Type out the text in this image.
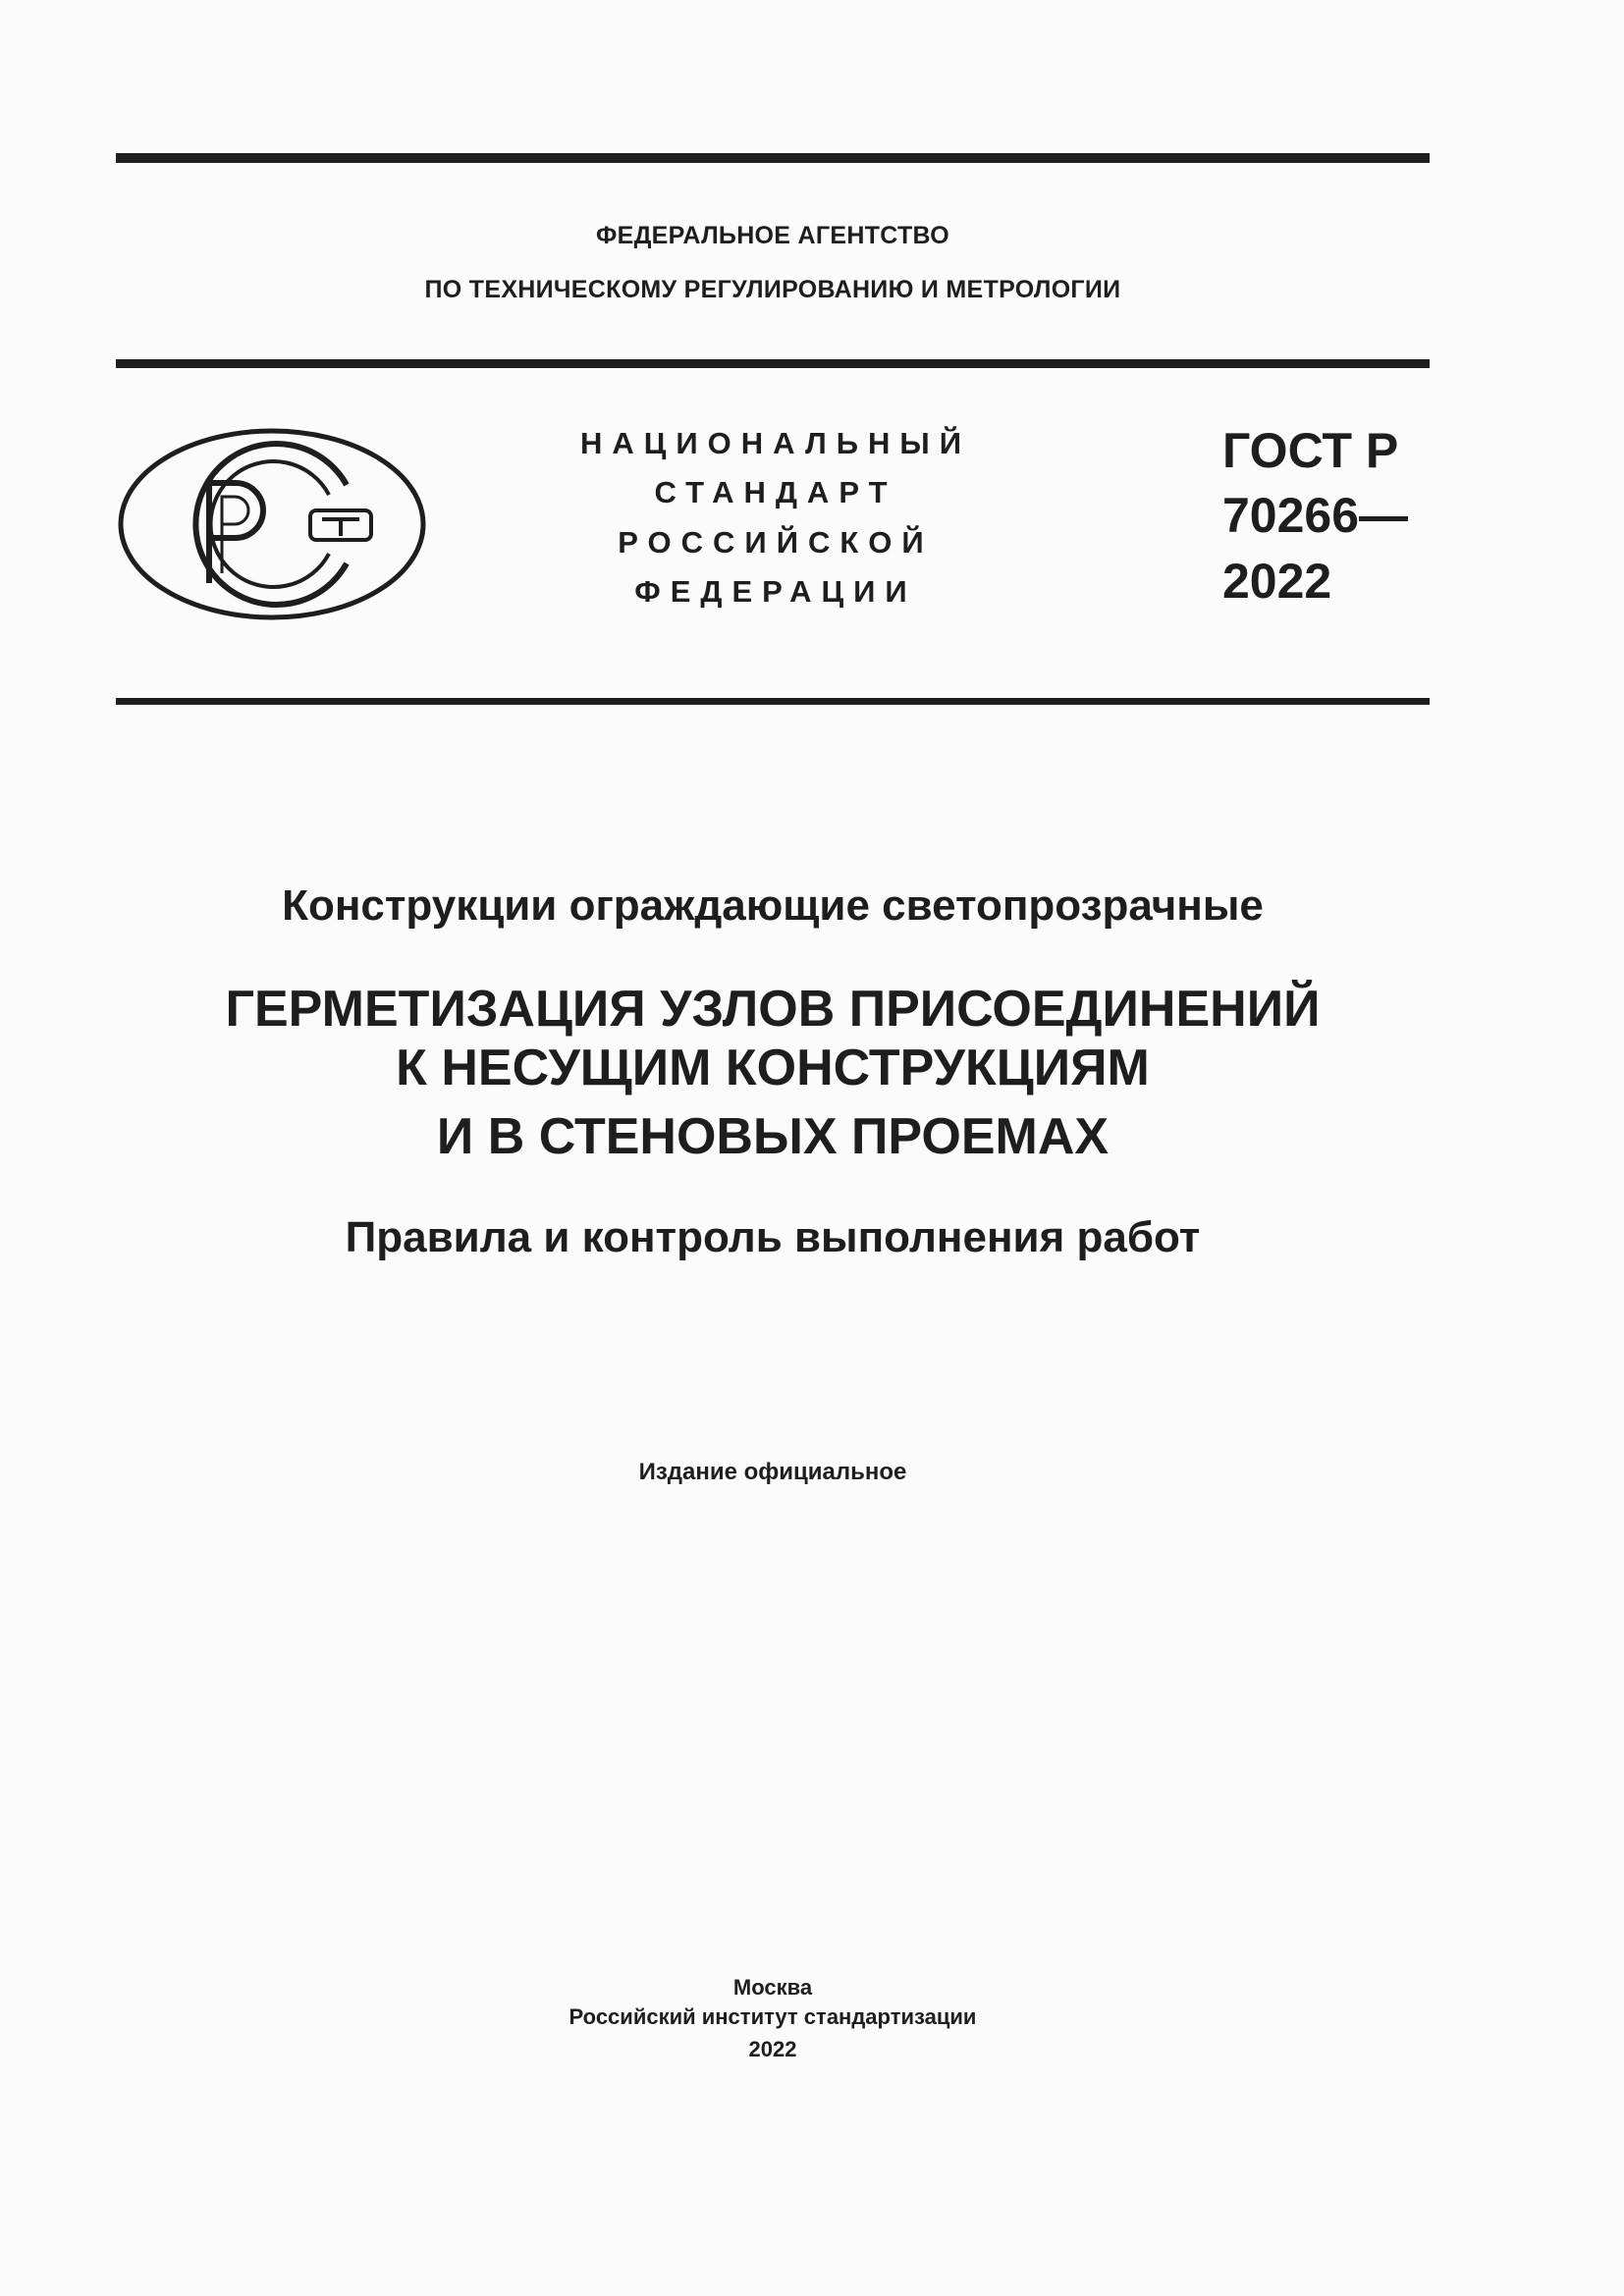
ФЕДЕРАЛЬНОЕ АГЕНТСТВО
ПО ТЕХНИЧЕСКОМУ РЕГУЛИРОВАНИЮ И МЕТРОЛОГИИ
НАЦИОНАЛЬНЫЙ
СТАНДАРТ
РОССИЙСКОЙ
ФЕДЕРАЦИИ
ГОСТ Р
70266—
2022
Конструкции ограждающие светопрозрачные
ГЕРМЕТИЗАЦИЯ УЗЛОВ ПРИСОЕДИНЕНИЙ
К НЕСУЩИМ КОНСТРУКЦИЯМ
И В СТЕНОВЫХ ПРОЕМАХ
Правила и контроль выполнения работ
Издание официальное
Москва
Российский институт стандартизации
2022
